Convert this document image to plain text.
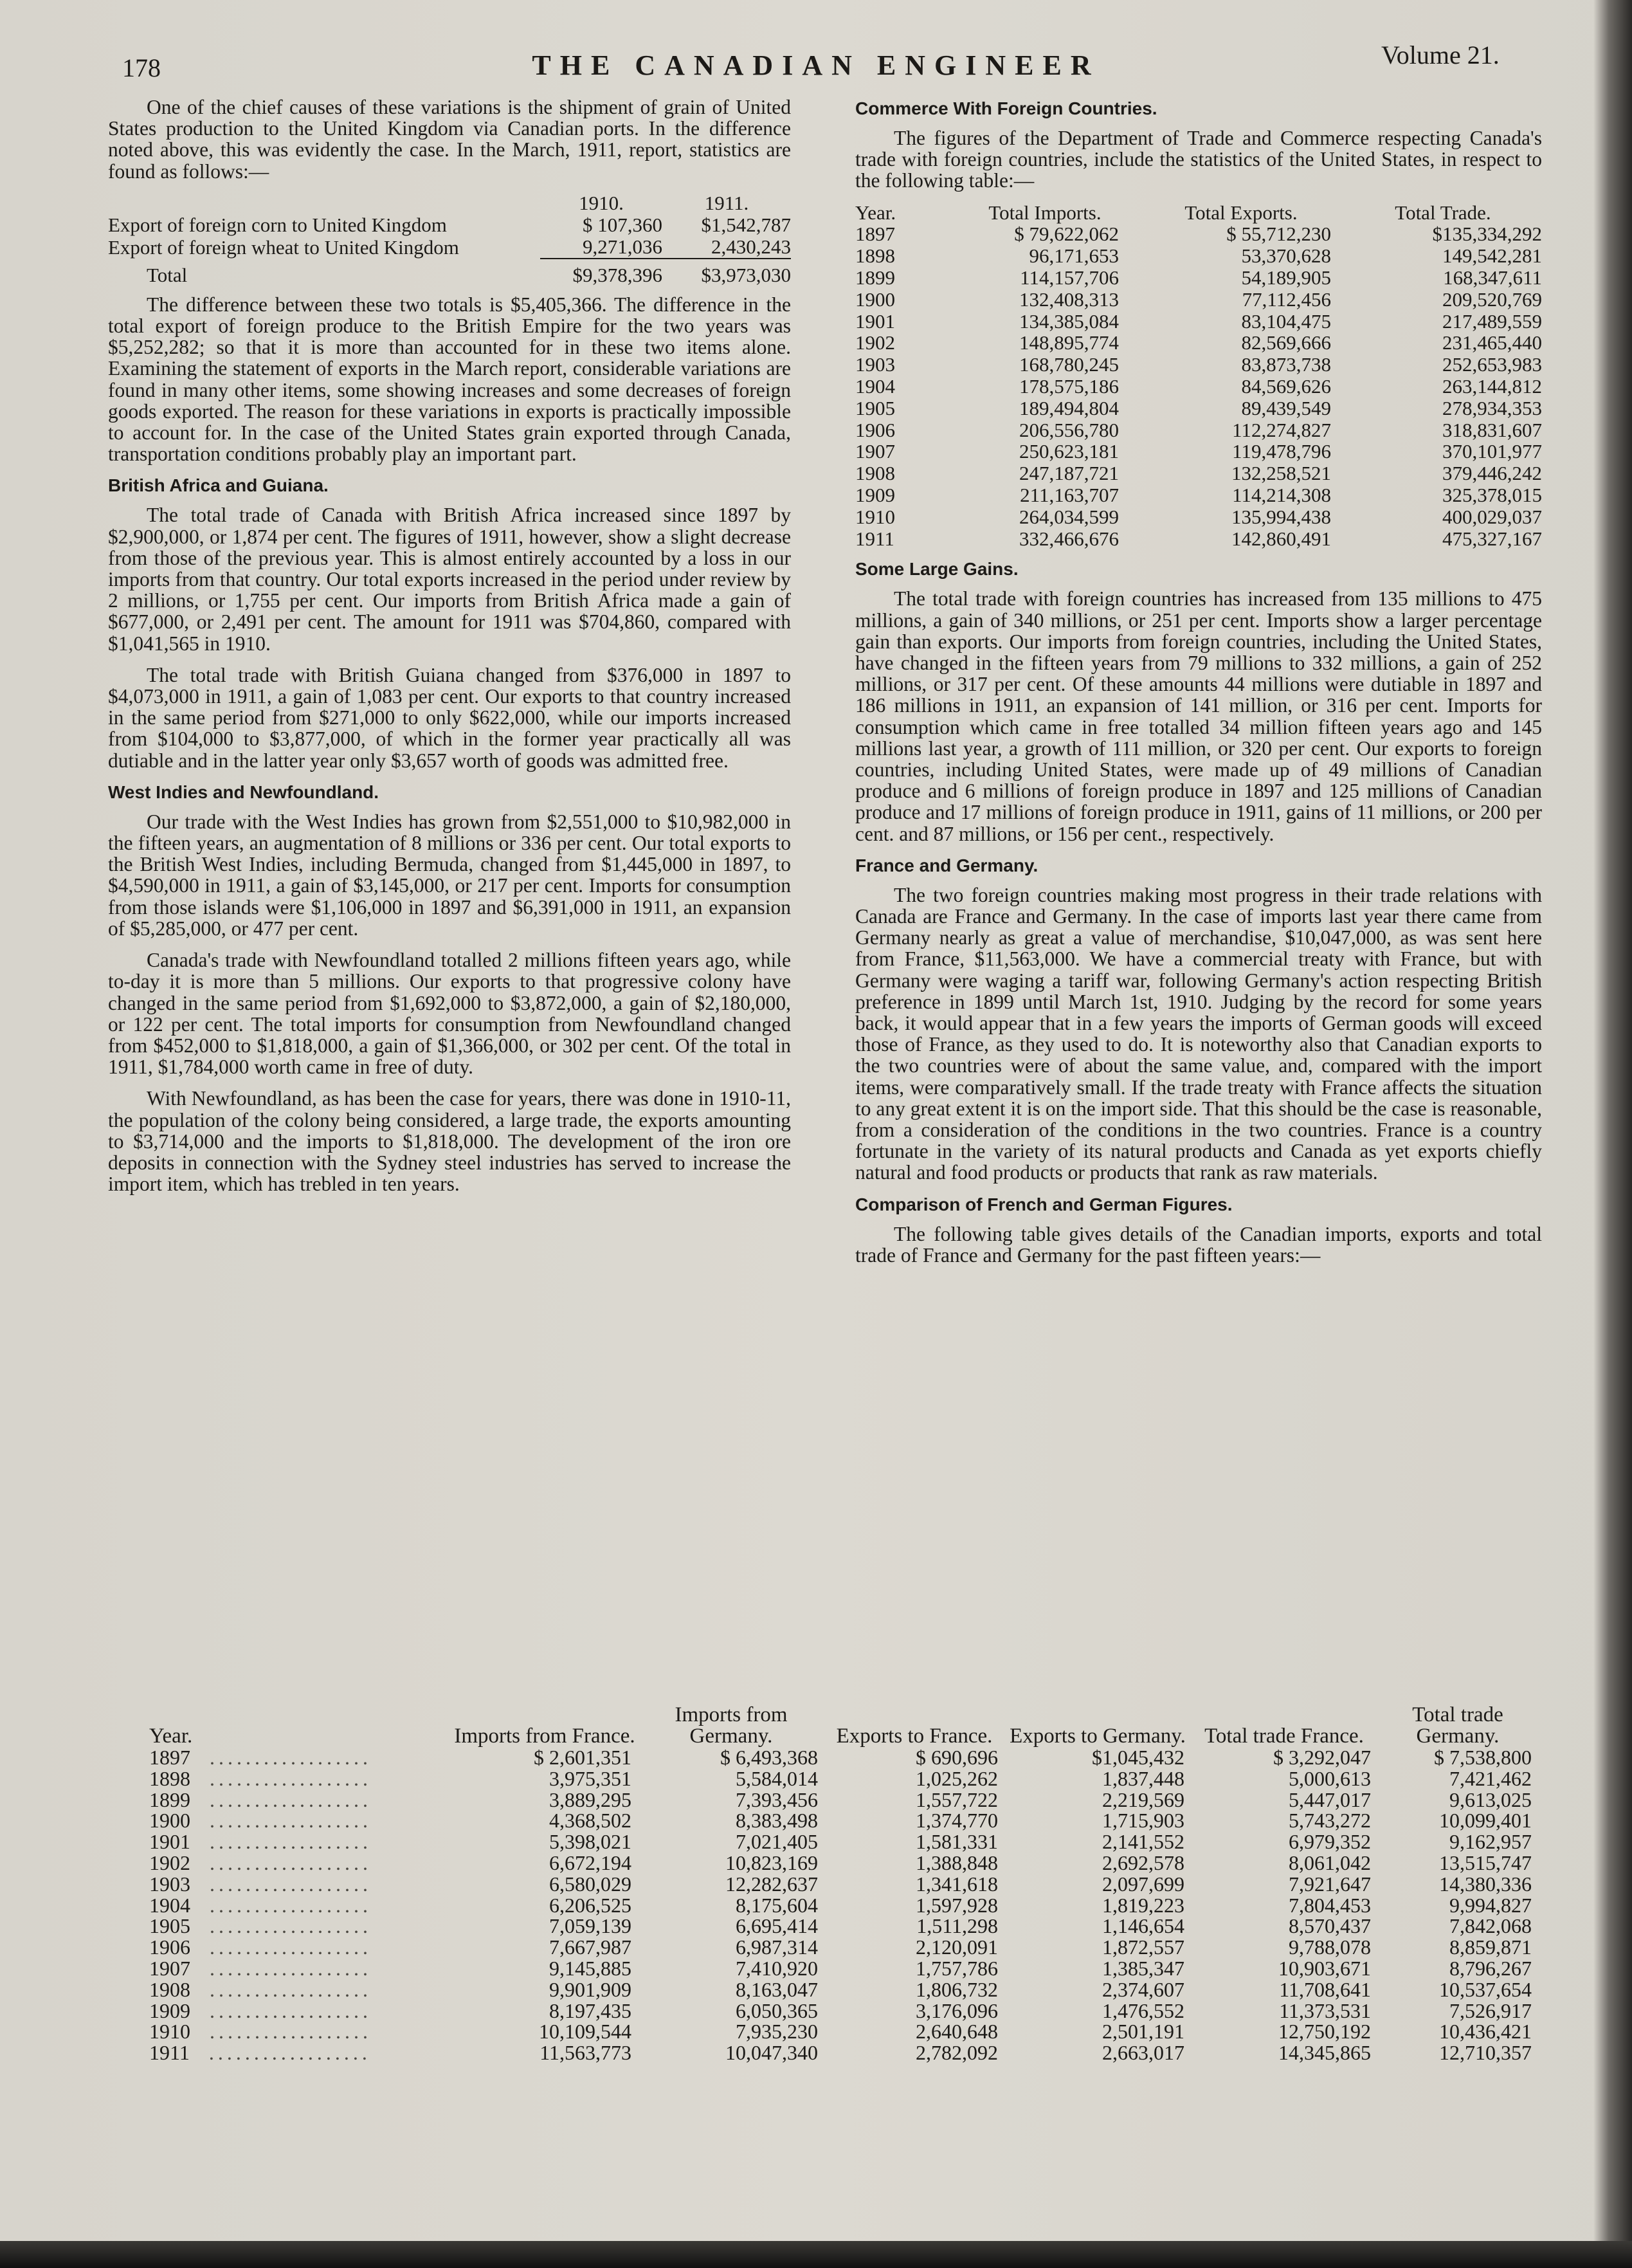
178	THE CANADIAN ENGINEER	Volume 21.

One of the chief causes of these variations is the shipment of grain of United States production to the United Kingdom via Canadian ports. In the difference noted above, this was evidently the case. In the March, 1911, report, statistics are found as follows:—

	1910.	1911.
Export of foreign corn to United Kingdom	$ 107,360	$1,542,787
Export of foreign wheat to United Kingdom	9,271,036	2,430,243
Total	$9,378,396	$3,973,030

The difference between these two totals is $5,405,366. The difference in the total export of foreign produce to the British Empire for the two years was $5,252,282; so that it is more than accounted for in these two items alone. Examining the statement of exports in the March report, considerable variations are found in many other items, some showing increases and some decreases of foreign goods exported. The reason for these variations in exports is practically impossible to account for. In the case of the United States grain exported through Canada, transportation conditions probably play an important part.

British Africa and Guiana.

The total trade of Canada with British Africa increased since 1897 by $2,900,000, or 1,874 per cent. The figures of 1911, however, show a slight decrease from those of the previous year. This is almost entirely accounted by a loss in our imports from that country. Our total exports increased in the period under review by 2 millions, or 1,755 per cent. Our imports from British Africa made a gain of $677,000, or 2,491 per cent. The amount for 1911 was $704,860, compared with $1,041,565 in 1910.

The total trade with British Guiana changed from $376,000 in 1897 to $4,073,000 in 1911, a gain of 1,083 per cent. Our exports to that country increased in the same period from $271,000 to only $622,000, while our imports increased from $104,000 to $3,877,000, of which in the former year practically all was dutiable and in the latter year only $3,657 worth of goods was admitted free.

West Indies and Newfoundland.

Our trade with the West Indies has grown from $2,551,000 to $10,982,000 in the fifteen years, an augmentation of 8 millions or 336 per cent. Our total exports to the British West Indies, including Bermuda, changed from $1,445,000 in 1897, to $4,590,000 in 1911, a gain of $3,145,000, or 217 per cent. Imports for consumption from those islands were $1,106,000 in 1897 and $6,391,000 in 1911, an expansion of $5,285,000, or 477 per cent.

Canada's trade with Newfoundland totalled 2 millions fifteen years ago, while to-day it is more than 5 millions. Our exports to that progressive colony have changed in the same period from $1,692,000 to $3,872,000, a gain of $2,180,000, or 122 per cent. The total imports for consumption from Newfoundland changed from $452,000 to $1,818,000, a gain of $1,366,000, or 302 per cent. Of the total in 1911, $1,784,000 worth came in free of duty.

With Newfoundland, as has been the case for years, there was done in 1910-11, the population of the colony being considered, a large trade, the exports amounting to $3,714,000 and the imports to $1,818,000. The development of the iron ore deposits in connection with the Sydney steel industries has served to increase the import item, which has trebled in ten years.

Commerce With Foreign Countries.

The figures of the Department of Trade and Commerce respecting Canada's trade with foreign countries, include the statistics of the United States, in respect to the following table:—

Year.	Total Imports.	Total Exports.	Total Trade.
1897	$ 79,622,062	$ 55,712,230	$135,334,292
1898	96,171,653	53,370,628	149,542,281
1899	114,157,706	54,189,905	168,347,611
1900	132,408,313	77,112,456	209,520,769
1901	134,385,084	83,104,475	217,489,559
1902	148,895,774	82,569,666	231,465,440
1903	168,780,245	83,873,738	252,653,983
1904	178,575,186	84,569,626	263,144,812
1905	189,494,804	89,439,549	278,934,353
1906	206,556,780	112,274,827	318,831,607
1907	250,623,181	119,478,796	370,101,977
1908	247,187,721	132,258,521	379,446,242
1909	211,163,707	114,214,308	325,378,015
1910	264,034,599	135,994,438	400,029,037
1911	332,466,676	142,860,491	475,327,167
Some Large Gains.

The total trade with foreign countries has increased from 135 millions to 475 millions, a gain of 340 millions, or 251 per cent. Imports show a larger percentage gain than exports. Our imports from foreign countries, including the United States, have changed in the fifteen years from 79 millions to 332 millions, a gain of 252 millions, or 317 per cent. Of these amounts 44 millions were dutiable in 1897 and 186 millions in 1911, an expansion of 141 million, or 316 per cent. Imports for consumption which came in free totalled 34 million fifteen years ago and 145 millions last year, a growth of 111 million, or 320 per cent. Our exports to foreign countries, including United States, were made up of 49 millions of Canadian produce and 6 millions of foreign produce in 1897 and 125 millions of Canadian produce and 17 millions of foreign produce in 1911, gains of 11 millions, or 200 per cent. and 87 millions, or 156 per cent., respectively.

France and Germany.

The two foreign countries making most progress in their trade relations with Canada are France and Germany. In the case of imports last year there came from Germany nearly as great a value of merchandise, $10,047,000, as was sent here from France, $11,563,000. We have a commercial treaty with France, but with Germany were waging a tariff war, following Germany's action respecting British preference in 1899 until March 1st, 1910. Judging by the record for some years back, it would appear that in a few years the imports of German goods will exceed those of France, as they used to do. It is noteworthy also that Canadian exports to the two countries were of about the same value, and, compared with the import items, were comparatively small. If the trade treaty with France affects the situation to any great extent it is on the import side. That this should be the case is reasonable, from a consideration of the conditions in the two countries. France is a country fortunate in the variety of its natural products and Canada as yet exports chiefly natural and food products or products that rank as raw materials.

Comparison of French and German Figures.

The following table gives details of the Canadian imports, exports and total trade of France and Germany for the past fifteen years:—

Year.	Imports from France.	Imports from Germany.	Exports to France.	Exports to Germany.	Total trade France.	Total trade Germany.
1897 ..................	$ 2,601,351	$ 6,493,368	$ 690,696	$1,045,432	$ 3,292,047	$ 7,538,800
1898 ..................	3,975,351	5,584,014	1,025,262	1,837,448	5,000,613	7,421,462
1899 ..................	3,889,295	7,393,456	1,557,722	2,219,569	5,447,017	9,613,025
1900 ..................	4,368,502	8,383,498	1,374,770	1,715,903	5,743,272	10,099,401
1901 ..................	5,398,021	7,021,405	1,581,331	2,141,552	6,979,352	9,162,957
1902 ..................	6,672,194	10,823,169	1,388,848	2,692,578	8,061,042	13,515,747
1903 ..................	6,580,029	12,282,637	1,341,618	2,097,699	7,921,647	14,380,336
1904 ..................	6,206,525	8,175,604	1,597,928	1,819,223	7,804,453	9,994,827
1905 ..................	7,059,139	6,695,414	1,511,298	1,146,654	8,570,437	7,842,068
1906 ..................	7,667,987	6,987,314	2,120,091	1,872,557	9,788,078	8,859,871
1907 ..................	9,145,885	7,410,920	1,757,786	1,385,347	10,903,671	8,796,267
1908 ..................	9,901,909	8,163,047	1,806,732	2,374,607	11,708,641	10,537,654
1909 ..................	8,197,435	6,050,365	3,176,096	1,476,552	11,373,531	7,526,917
1910 ..................	10,109,544	7,935,230	2,640,648	2,501,191	12,750,192	10,436,421
1911 ..................	11,563,773	10,047,340	2,782,092	2,663,017	14,345,865	12,710,357
